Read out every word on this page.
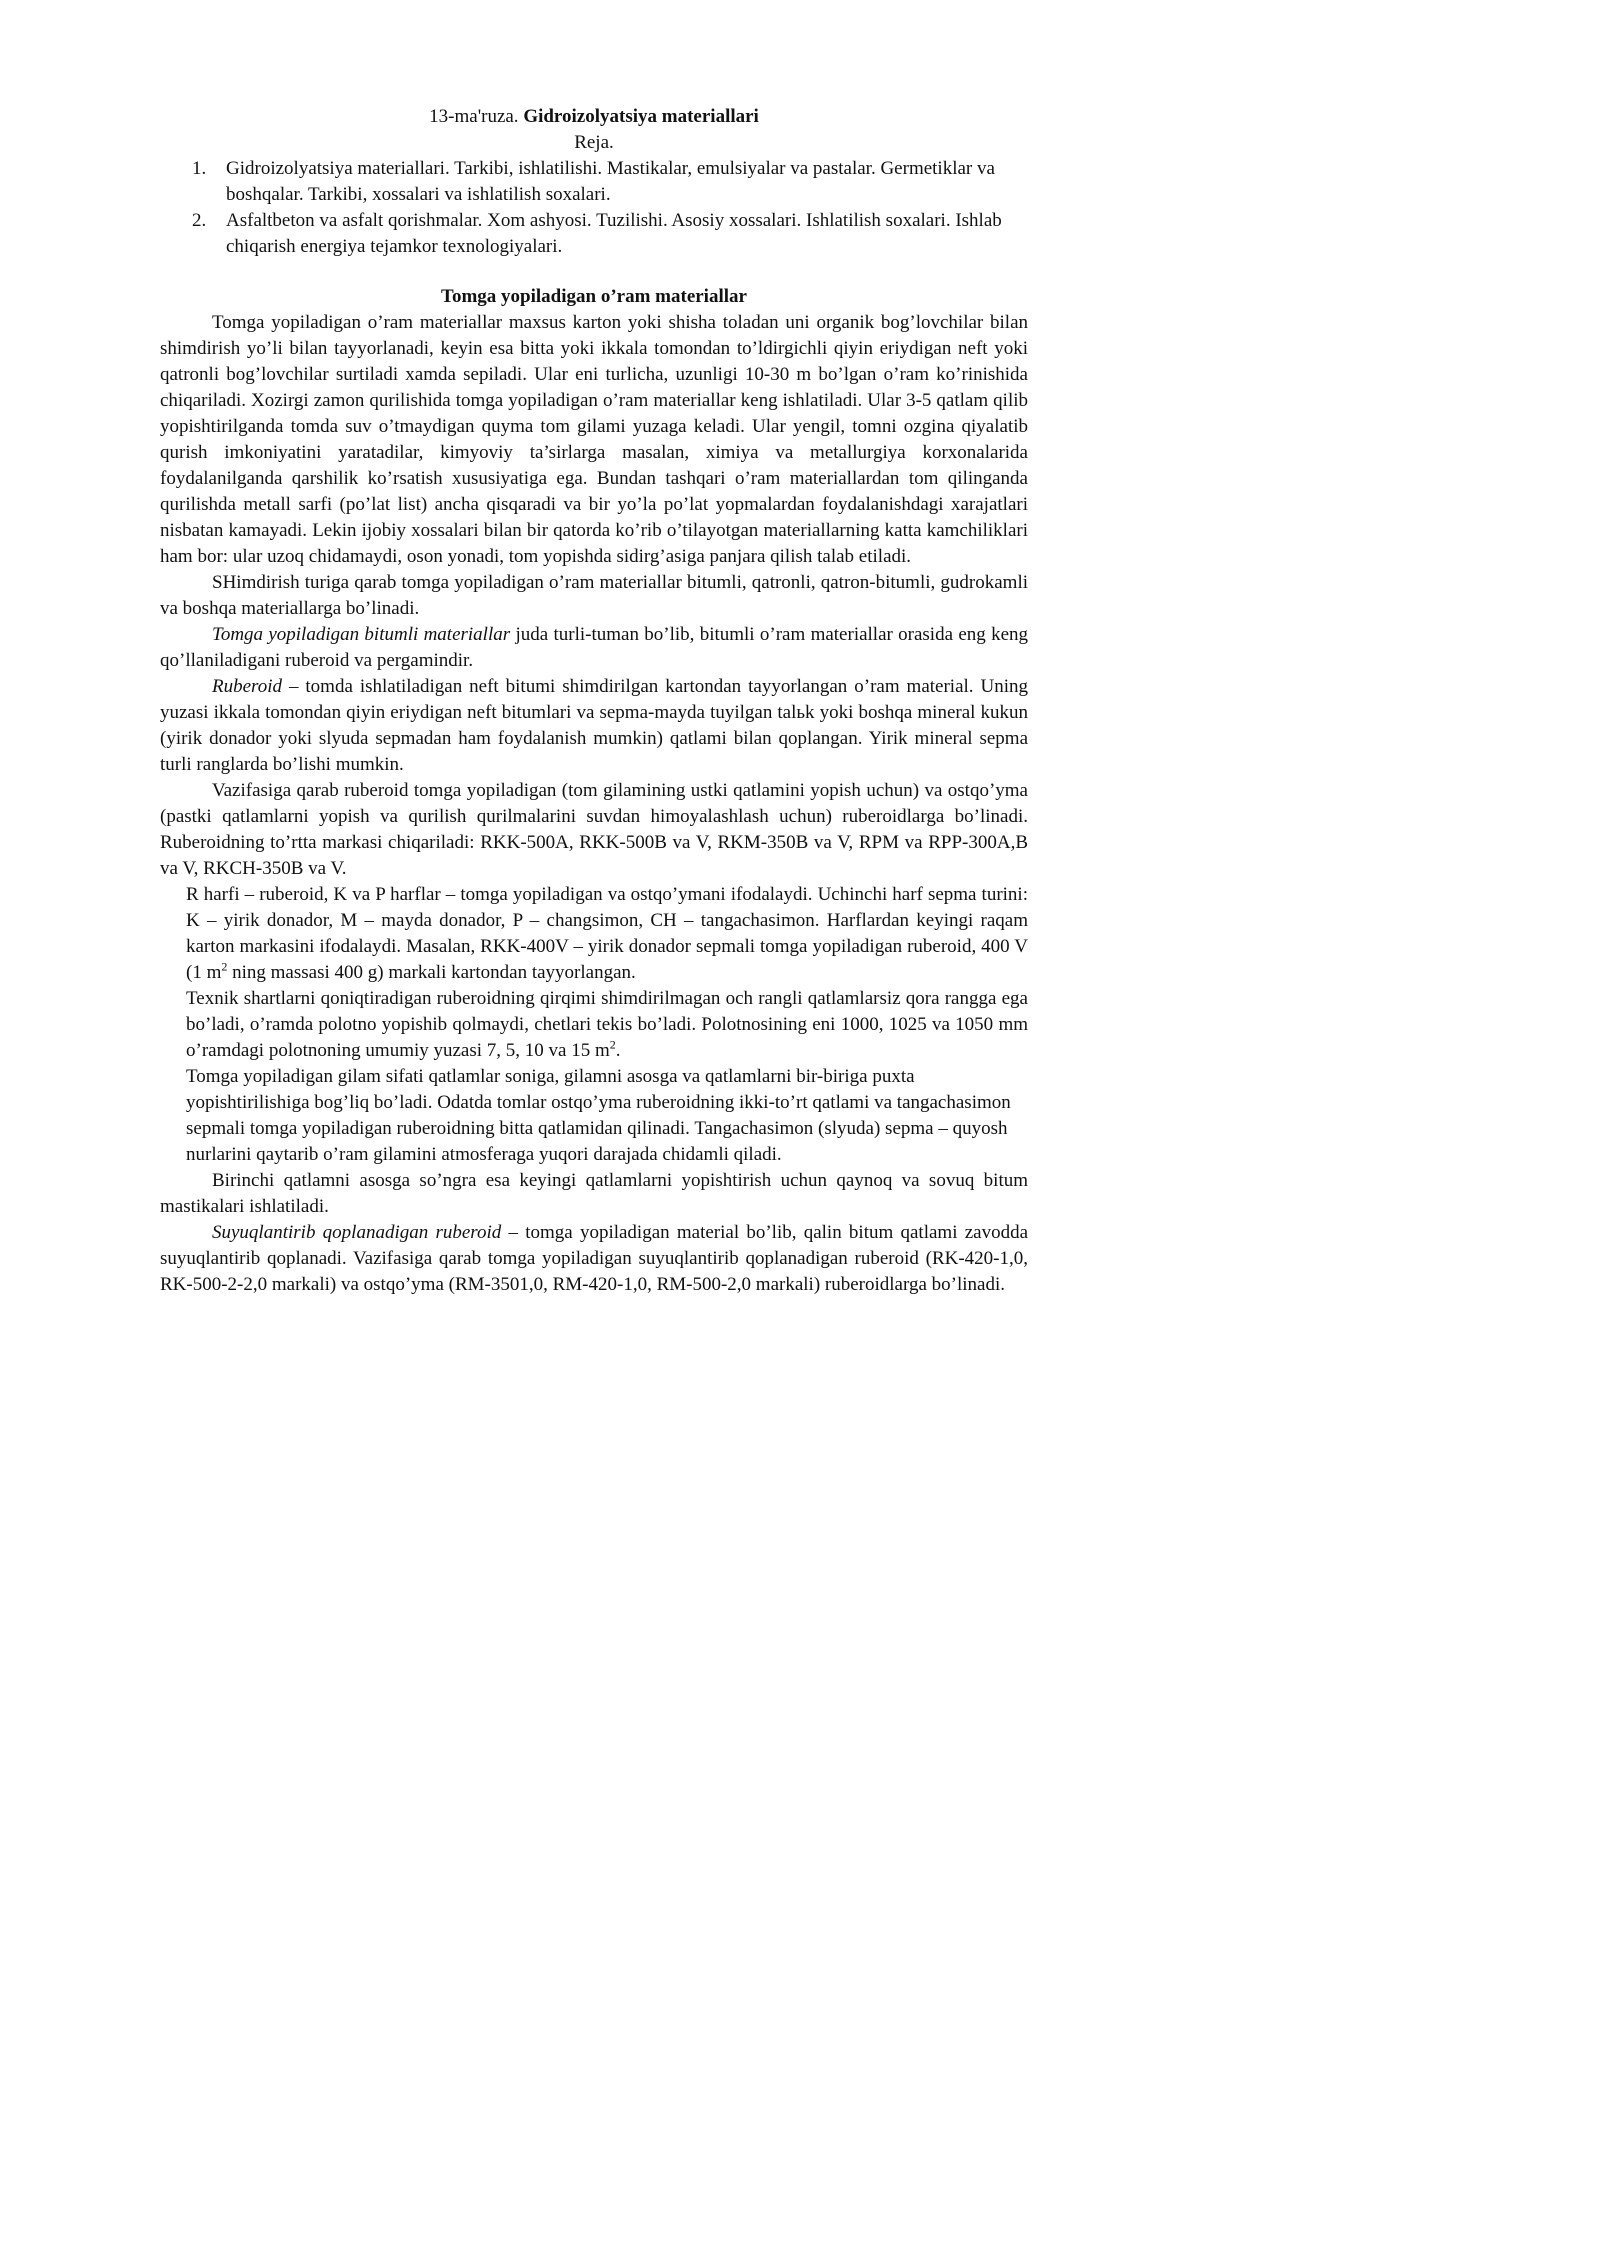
13-ma'ruza. Gidroizolyatsiya materiallari

Reja.

1. Gidroizolyatsiya materiallari. Tarkibi, ishlatilishi. Mastikalar, emulsiyalar va pastalar. Germetiklar va boshqalar. Tarkibi, xossalari va ishlatilish soxalari.
2. Asfaltbeton va asfalt qorishmalar. Xom ashyosi. Tuzilishi. Asosiy xossalari. Ishlatilish soxalari. Ishlab chiqarish energiya tejamkor texnologiyalari.

Tomga yopiladigan o’ram materiallar

Tomga yopiladigan o’ram materiallar maxsus karton yoki shisha toladan uni organik bog’lovchilar bilan shimdirish yo’li bilan tayyorlanadi, keyin esa bitta yoki ikkala tomondan to’ldirgichli qiyin eriydigan neft yoki qatronli bog’lovchilar surtiladi xamda sepiladi. Ular eni turlicha, uzunligi 10-30 m bo’lgan o’ram ko’rinishida chiqariladi. Xozirgi zamon qurilishida tomga yopiladigan o’ram materiallar keng ishlatiladi. Ular 3-5 qatlam qilib yopishtirilganda tomda suv o’tmaydigan quyma tom gilami yuzaga keladi. Ular yengil, tomni ozgina qiyalatib qurish imkoniyatini yaratadilar, kimyoviy ta’sirlarga masalan, ximiya va metallurgiya korxonalarida foydalanilganda qarshilik ko’rsatish xususiyatiga ega. Bundan tashqari o’ram materiallardan tom qilinganda qurilishda metall sarfi (po’lat list) ancha qisqaradi va bir yo’la po’lat yopmalardan foydalanishdagi xarajatlari nisbatan kamayadi. Lekin ijobiy xossalari bilan bir qatorda ko’rib o’tilayotgan materiallarning katta kamchiliklari ham bor: ular uzoq chidamaydi, oson yonadi, tom yopishda sidirg’asiga panjara qilish talab etiladi.

SHimdirish turiga qarab tomga yopiladigan o’ram materiallar bitumli, qatronli, qatron-bitumli, gudrokamli va boshqa materiallarga bo’linadi.

Tomga yopiladigan bitumli materiallar juda turli-tuman bo’lib, bitumli o’ram materiallar orasida eng keng qo’llaniladigani ruberoid va pergamindir.

Ruberoid – tomda ishlatiladigan neft bitumi shimdirilgan kartondan tayyorlangan o’ram material. Uning yuzasi ikkala tomondan qiyin eriydigan neft bitumlari va sepma-mayda tuyilgan talьk yoki boshqa mineral kukun (yirik donador yoki slyuda sepmadan ham foydalanish mumkin) qatlami bilan qoplangan. Yirik mineral sepma turli ranglarda bo’lishi mumkin.

Vazifasiga qarab ruberoid tomga yopiladigan (tom gilamining ustki qatlamini yopish uchun) va ostqo’yma (pastki qatlamlarni yopish va qurilish qurilmalarini suvdan himoyalashlash uchun) ruberoidlarga bo’linadi. Ruberoidning to’rtta markasi chiqariladi: RKK-500A, RKK-500B va V, RKM-350B va V, RPM va RPP-300A,B va V, RKCH-350B va V.

R harfi – ruberoid, K va P harflar – tomga yopiladigan va ostqo’ymani ifodalaydi. Uchinchi harf sepma turini: K – yirik donador, M – mayda donador, P – changsimon, CH – tangachasimon. Harflardan keyingi raqam karton markasini ifodalaydi. Masalan, RKK-400V – yirik donador sepmali tomga yopiladigan ruberoid, 400 V (1 $m^2$ ning massasi 400 g) markali kartondan tayyorlangan.

Texnik shartlarni qoniqtiradigan ruberoidning qirqimi shimdirilmagan och rangli qatlamlarsiz qora rangga ega bo’ladi, o’ramda polotno yopishib qolmaydi, chetlari tekis bo’ladi. Polotnosining eni 1000, 1025 va 1050 mm o’ramdagi polotnoning umumiy yuzasi 7, 5, 10 va 15 $m^2$.

Tomga yopiladigan gilam sifati qatlamlar soniga, gilamni asosga va qatlamlarni bir-biriga puxta yopishtirilishiga bog’liq bo’ladi. Odatda tomlar ostqo’yma ruberoidning ikki-to’rt qatlami va tangachasimon sepmali tomga yopiladigan ruberoidning bitta qatlamidan qilinadi. Tangachasimon (slyuda) sepma – quyosh nurlarini qaytarib o’ram gilamini atmosferaga yuqori darajada chidamli qiladi.

Birinchi qatlamni asosga so’ngra esa keyingi qatlamlarni yopishtirish uchun qaynoq va sovuq bitum mastikalari ishlatiladi.

Suyuqlantirib qoplanadigan ruberoid – tomga yopiladigan material bo’lib, qalin bitum qatlami zavodda suyuqlantirib qoplanadi. Vazifasiga qarab tomga yopiladigan suyuqlantirib qoplanadigan ruberoid (RK-420-1,0, RK-500-2-2,0 markali) va ostqo’yma (RM-3501,0, RM-420-1,0, RM-500-2,0 markali) ruberoidlarga bo’linadi.
